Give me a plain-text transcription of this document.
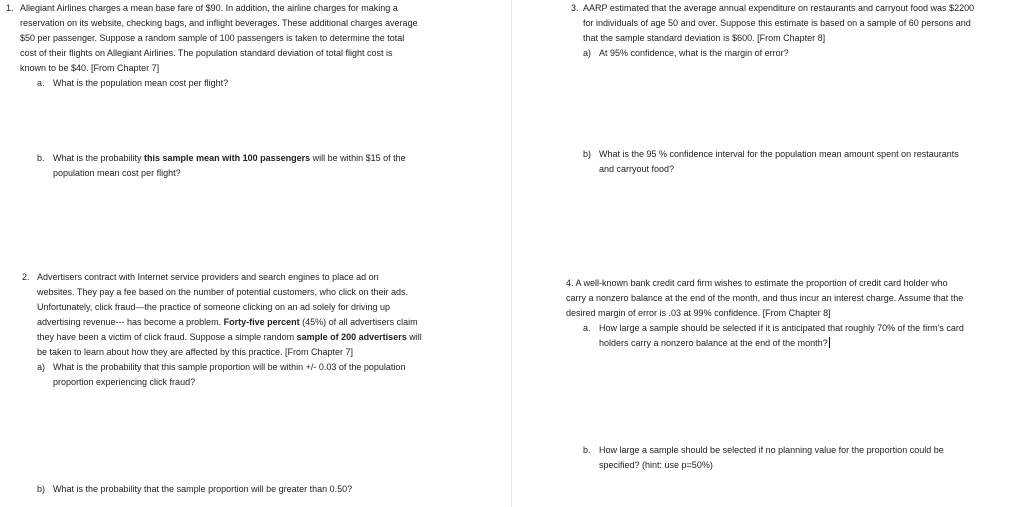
1. Allegiant Airlines charges a mean base fare of $90. In addition, the airline charges for making a
reservation on its website, checking bags, and inflight beverages. These additional charges average
$50 per passenger. Suppose a random sample of 100 passengers is taken to determine the total
cost of their flights on Allegiant Airlines. The population standard deviation of total flight cost is
known to be $40. [From Chapter 7]
a. What is the population mean cost per flight?
b. What is the probability this sample mean with 100 passengers will be within $15 of the
population mean cost per flight?
2. Advertisers contract with Internet service providers and search engines to place ad on
websites. They pay a fee based on the number of potential customers, who click on their ads.
Unfortunately, click fraud—the practice of someone clicking on an ad solely for driving up
advertising revenue--- has become a problem. Forty-five percent (45%) of all advertisers claim
they have been a victim of click fraud. Suppose a simple random sample of 200 advertisers will
be taken to learn about how they are affected by this practice. [From Chapter 7]
a) What is the probability that this sample proportion will be within +/- 0.03 of the population
proportion experiencing click fraud?
b) What is the probability that the sample proportion will be greater than 0.50?
3. AARP estimated that the average annual expenditure on restaurants and carryout food was $2200
for individuals of age 50 and over. Suppose this estimate is based on a sample of 60 persons and
that the sample standard deviation is $600. [From Chapter 8]
a) At 95% confidence, what is the margin of error?
b) What is the 95 % confidence interval for the population mean amount spent on restaurants
and carryout food?
4. A well-known bank credit card firm wishes to estimate the proportion of credit card holder who
carry a nonzero balance at the end of the month, and thus incur an interest charge. Assume that the
desired margin of error is .03 at 99% confidence. [From Chapter 8]
a. How large a sample should be selected if it is anticipated that roughly 70% of the firm's card
holders carry a nonzero balance at the end of the month?
b. How large a sample should be selected if no planning value for the proportion could be
specified? (hint: use p=50%)
